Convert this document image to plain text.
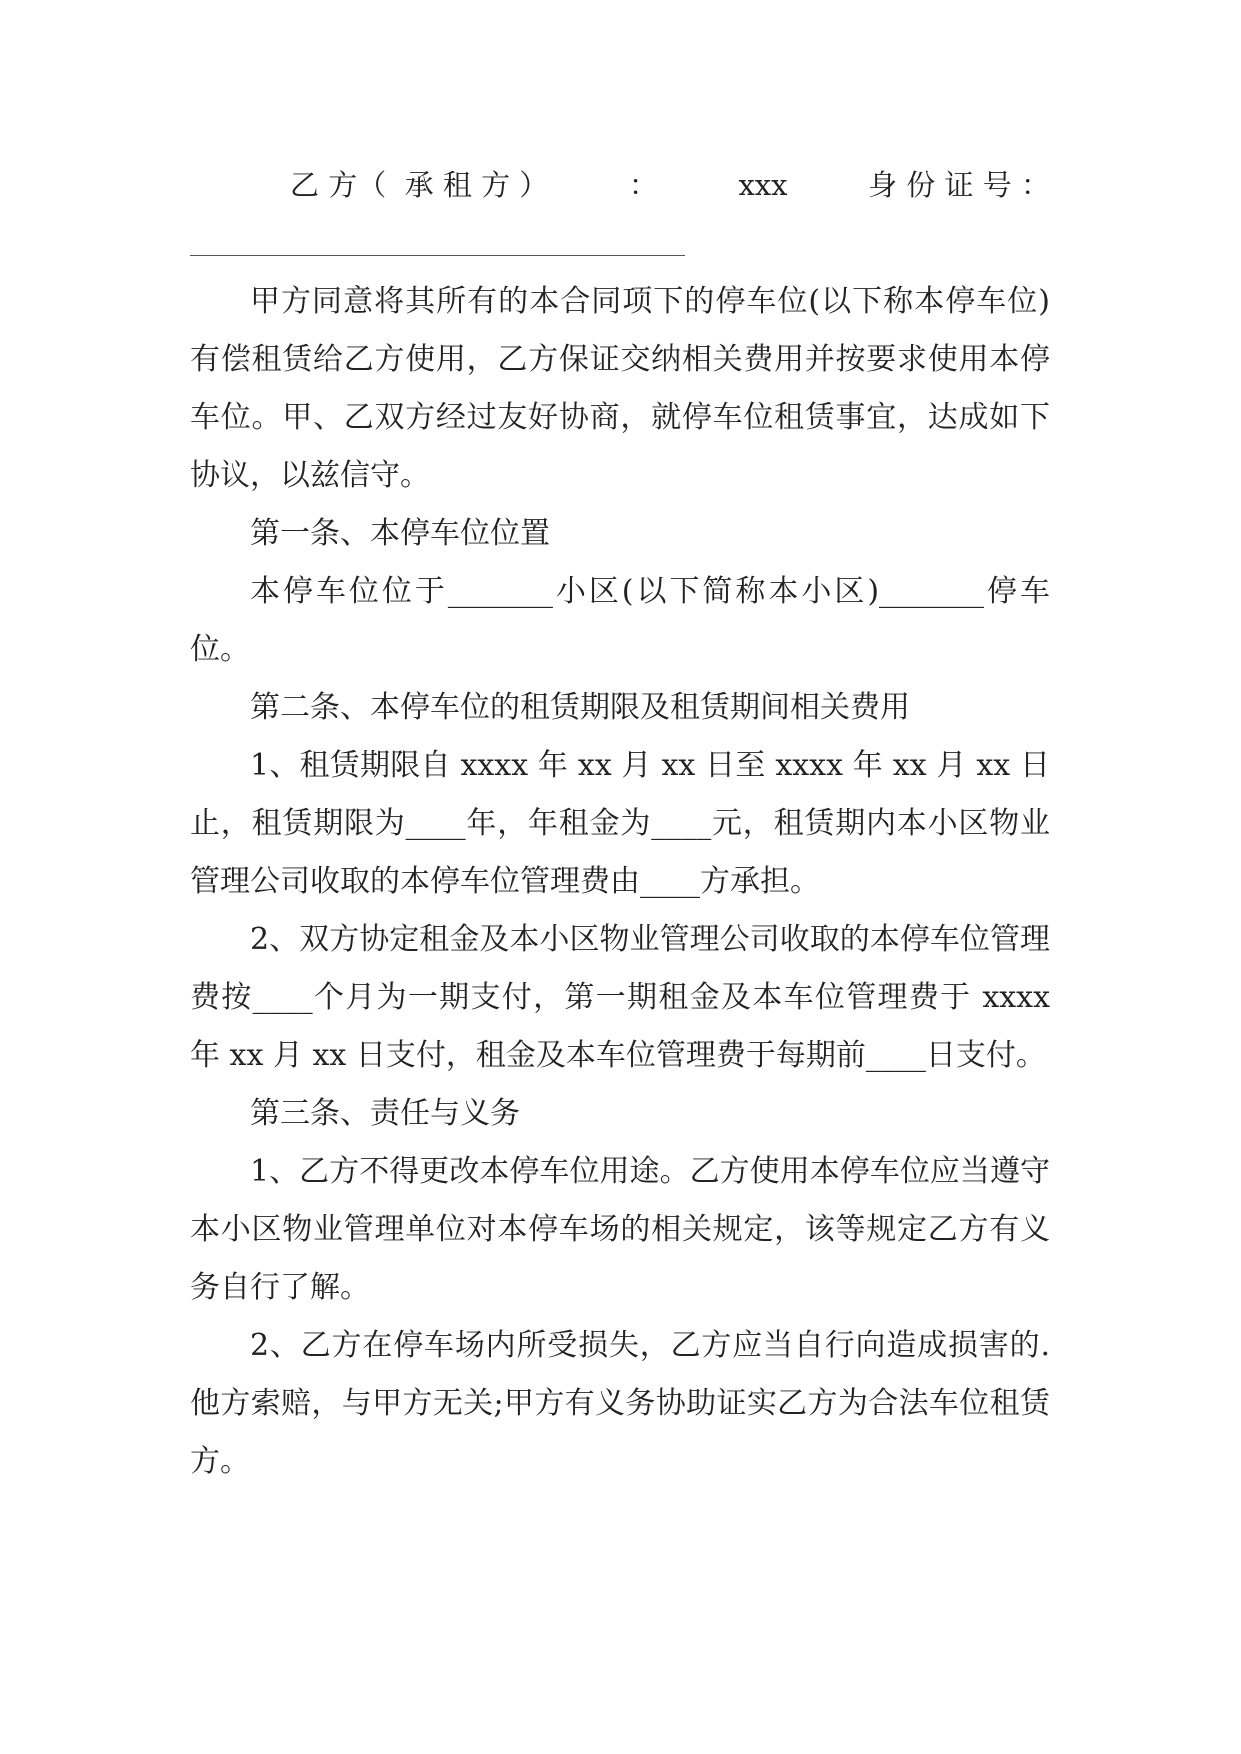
乙 方（  承 租 方 ）	：	xxx	身 份 证 号 ：

甲方同意将其所有的本合同项下的停车位(以下称本停车位)有偿租赁给乙方使用，乙方保证交纳相关费用并按要求使用本停车位。甲、乙双方经过友好协商，就停车位租赁事宜，达成如下协议，以兹信守。

第一条、本停车位位置

本停车位位于_______小区(以下简称本小区)_______停车位。

第二条、本停车位的租赁期限及租赁期间相关费用

1、租赁期限自 xxxx 年 xx 月 xx 日至 xxxx 年 xx 月 xx 日止，租赁期限为____年，年租金为____元，租赁期内本小区物业管理公司收取的本停车位管理费由____方承担。

2、双方协定租金及本小区物业管理公司收取的本停车位管理费按____个月为一期支付，第一期租金及本车位管理费于 xxxx 年 xx 月 xx 日支付，租金及本车位管理费于每期前____日支付。

第三条、责任与义务

1、乙方不得更改本停车位用途。乙方使用本停车位应当遵守本小区物业管理单位对本停车场的相关规定，该等规定乙方有义务自行了解。

2、乙方在停车场内所受损失，乙方应当自行向造成损害的.他方索赔，与甲方无关;甲方有义务协助证实乙方为合法车位租赁方。
